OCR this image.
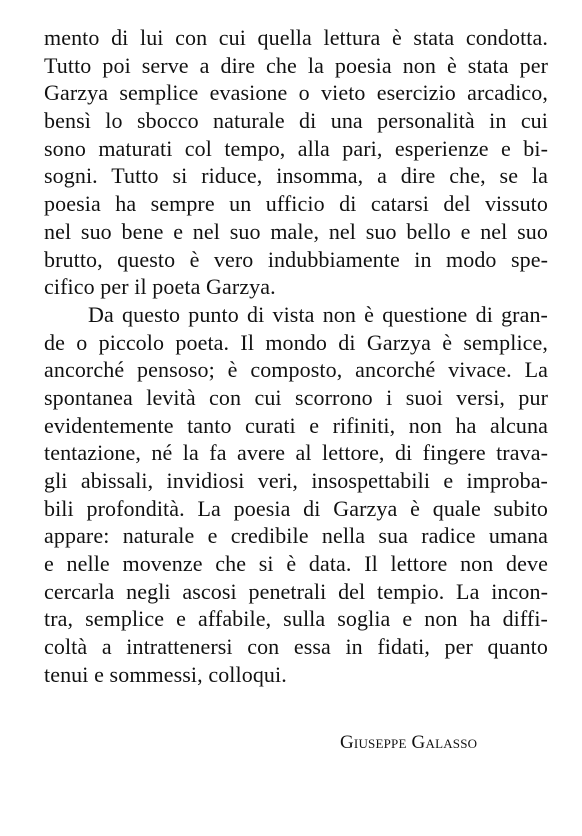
mento di lui con cui quella lettura è stata condotta.
Tutto poi serve a dire che la poesia non è stata per
Garzya semplice evasione o vieto esercizio arcadico,
bensì lo sbocco naturale di una personalità in cui
sono maturati col tempo, alla pari, esperienze e bi-
sogni. Tutto si riduce, insomma, a dire che, se la
poesia ha sempre un ufficio di catarsi del vissuto
nel suo bene e nel suo male, nel suo bello e nel suo
brutto, questo è vero indubbiamente in modo spe-
cifico per il poeta Garzya.
Da questo punto di vista non è questione di gran-
de o piccolo poeta. Il mondo di Garzya è semplice,
ancorché pensoso; è composto, ancorché vivace. La
spontanea levità con cui scorrono i suoi versi, pur
evidentemente tanto curati e rifiniti, non ha alcuna
tentazione, né la fa avere al lettore, di fingere trava-
gli abissali, invidiosi veri, insospettabili e improba-
bili profondità. La poesia di Garzya è quale subito
appare: naturale e credibile nella sua radice umana
e nelle movenze che si è data. Il lettore non deve
cercarla negli ascosi penetrali del tempio. La incon-
tra, semplice e affabile, sulla soglia e non ha diffi-
coltà a intrattenersi con essa in fidati, per quanto
tenui e sommessi, colloqui.
Giuseppe Galasso
